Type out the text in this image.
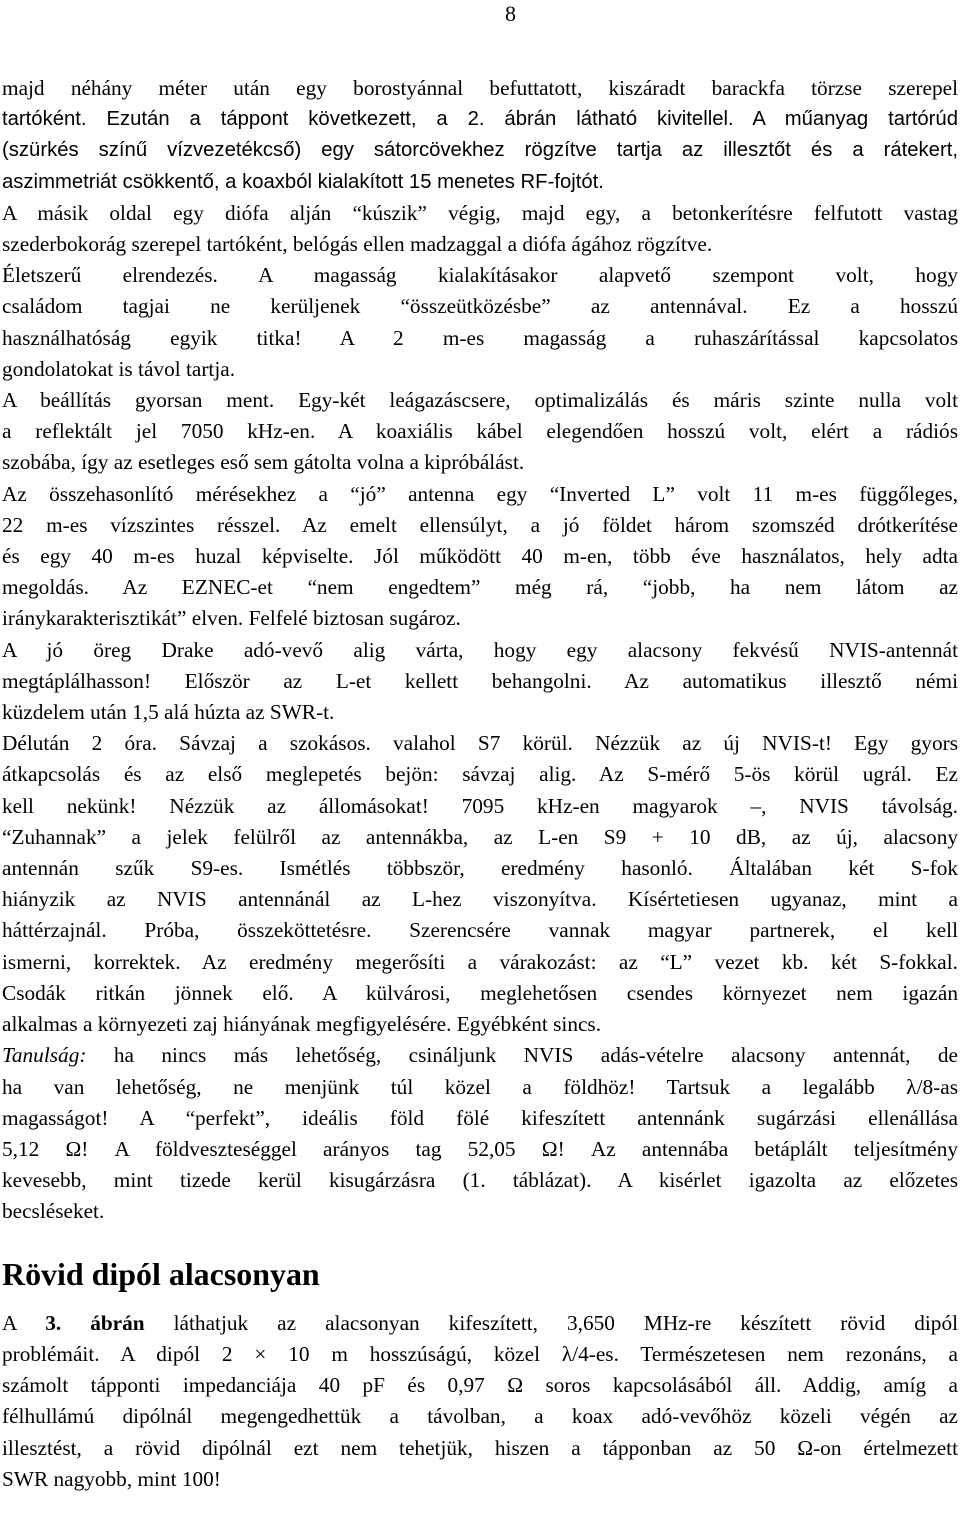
8

majd néhány méter után egy borostyánnal befuttatott, kiszáradt barackfa törzse szerepel
tartóként. Ezután a táppont következett, a 2. ábrán látható kivitellel. A műanyag tartórúd
(szürkés színű vízvezetékcső) egy sátorcövekhez rögzítve tartja az illesztőt és a rátekert,
aszimmetriát csökkentő, a koaxból kialakított 15 menetes RF-fojtót.

A másik oldal egy diófa alján “kúszik” végig, majd egy, a betonkerítésre felfutott vastag
szederbokorág szerepel tartóként, belógás ellen madzaggal a diófa ágához rögzítve.
Életszerű elrendezés. A magasság kialakításakor alapvető szempont volt, hogy
családom tagjai ne kerüljenek “összeütközésbe” az antennával. Ez a hosszú
használhatóság egyik titka! A 2 m-es magasság a ruhaszárítással kapcsolatos
gondolatokat is távol tartja.

A beállítás gyorsan ment. Egy-két leágazáscsere, optimalizálás és máris szinte nulla volt
a reflektált jel 7050 kHz-en. A koaxiális kábel elegendően hosszú volt, elért a rádiós
szobába, így az esetleges eső sem gátolta volna a kipróbálást.

Az összehasonlító mérésekhez a “jó” antenna egy “Inverted L” volt 11 m-es függőleges,
22 m-es vízszintes résszel. Az emelt ellensúlyt, a jó földet három szomszéd drótkerítése
és egy 40 m-es huzal képviselte. Jól működött 40 m-en, több éve használatos, hely adta
megoldás. Az EZNEC-et “nem engedtem” még rá, “jobb, ha nem látom az
iránykarakterisztikát” elven. Felfelé biztosan sugároz.

A jó öreg Drake adó-vevő alig várta, hogy egy alacsony fekvésű NVIS-antennát
megtáplálhasson! Először az L-et kellett behangolni. Az automatikus illesztő némi
küzdelem után 1,5 alá húzta az SWR-t.

Délután 2 óra. Sávzaj a szokásos. valahol S7 körül. Nézzük az új NVIS-t! Egy gyors
átkapcsolás és az első meglepetés bejön: sávzaj alig. Az S-mérő 5-ös körül ugrál. Ez
kell nekünk! Nézzük az állomásokat! 7095 kHz-en magyarok –, NVIS távolság.
“Zuhannak” a jelek felülről az antennákba, az L-en S9 + 10 dB, az új, alacsony
antennán szűk S9-es. Ismétlés többször, eredmény hasonló. Általában két S-fok
hiányzik az NVIS antennánál az L-hez viszonyítva. Kísértetiesen ugyanaz, mint a
háttérzajnál. Próba, összeköttetésre. Szerencsére vannak magyar partnerek, el kell
ismerni, korrektek. Az eredmény megerősíti a várakozást: az “L” vezet kb. két S-fokkal.
Csodák ritkán jönnek elő. A külvárosi, meglehetősen csendes környezet nem igazán
alkalmas a környezeti zaj hiányának megfigyelésére. Egyébként sincs.

Tanulság: ha nincs más lehetőség, csináljunk NVIS adás-vételre alacsony antennát, de
ha van lehetőség, ne menjünk túl közel a földhöz! Tartsuk a legalább λ/8-as
magasságot! A “perfekt”, ideális föld fölé kifeszített antennánk sugárzási ellenállása
5,12 Ω! A földveszteséggel arányos tag 52,05 Ω! Az antennába betáplált teljesítmény
kevesebb, mint tizede kerül kisugárzásra (1. táblázat). A kisérlet igazolta az előzetes
becsléseket.

Rövid dipól alacsonyan

A 3. ábrán láthatjuk az alacsonyan kifeszített, 3,650 MHz-re készített rövid dipól
problémáit. A dipól 2 × 10 m hosszúságú, közel λ/4-es. Természetesen nem rezonáns, a
számolt tápponti impedanciája 40 pF és 0,97 Ω soros kapcsolásából áll. Addig, amíg a
félhullámú dipólnál megengedhettük a távolban, a koax adó-vevőhöz közeli végén az
illesztést, a rövid dipólnál ezt nem tehetjük, hiszen a tápponban az 50 Ω-on értelmezett
SWR nagyobb, mint 100!
